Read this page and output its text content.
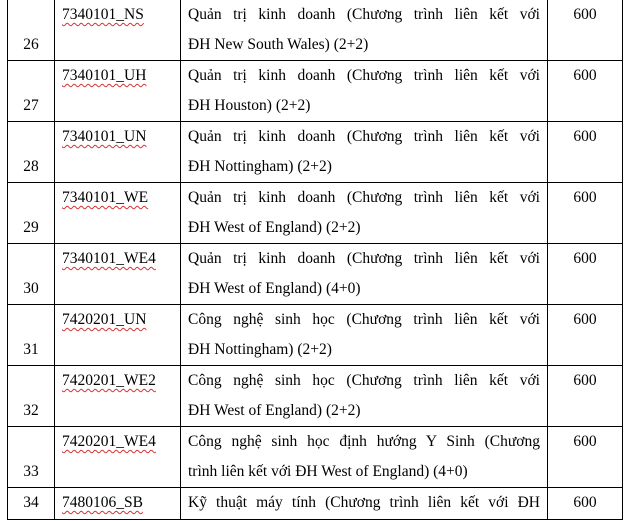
26	7340101_NS	Quản trị kinh doanh (Chương trình liên kết với
ĐH New South Wales) (2+2)	600

27	7340101_UH	Quản trị kinh doanh (Chương trình liên kết với
ĐH Houston) (2+2)	600

28	7340101_UN	Quản trị kinh doanh (Chương trình liên kết với
ĐH Nottingham) (2+2)	600

29	7340101_WE	Quản trị kinh doanh (Chương trình liên kết với
ĐH West of England) (2+2)	600

30	7340101_WE4	Quản trị kinh doanh (Chương trình liên kết với
ĐH West of England) (4+0)	600

31	7420201_UN	Công nghệ sinh học (Chương trình liên kết với
ĐH Nottingham) (2+2)	600

32	7420201_WE2	Công nghệ sinh học (Chương trình liên kết với
ĐH West of England) (2+2)	600

33	7420201_WE4	Công nghệ sinh học định hướng Y Sinh (Chương
trình liên kết với ĐH West of England) (4+0)	600

34	7480106_SB	Kỹ thuật máy tính (Chương trình liên kết với ĐH	600
